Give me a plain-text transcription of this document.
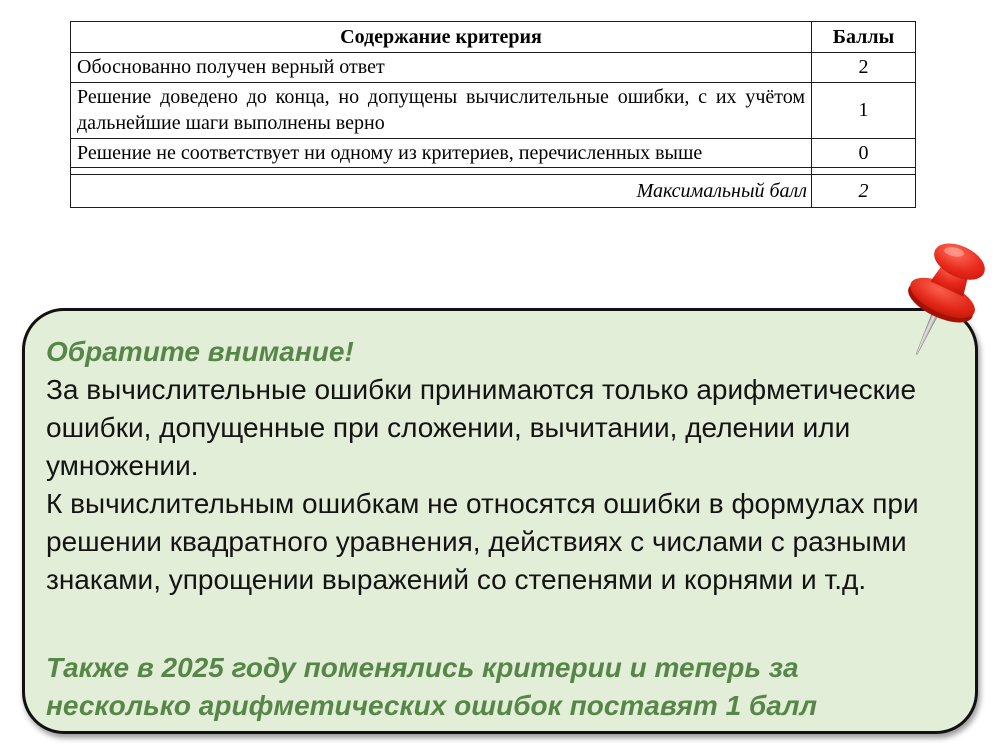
Содержание критерия	Баллы
Обоснованно получен верный ответ	2
Решение доведено до конца, но допущены вычислительные ошибки, с их учётом дальнейшие шаги выполнены верно	1
Решение не соответствует ни одному из критериев, перечисленных выше	0

Максимальный балл	2

Обратите внимание!

За вычислительные ошибки принимаются только арифметические ошибки, допущенные при сложении, вычитании, делении или умножении.

К вычислительным ошибкам не относятся ошибки в формулах при решении квадратного уравнения, действиях с числами с разными знаками, упрощении выражений со степенями и корнями и т.д.

Также в 2025 году поменялись критерии и теперь за несколько арифметических ошибок поставят 1 балл
